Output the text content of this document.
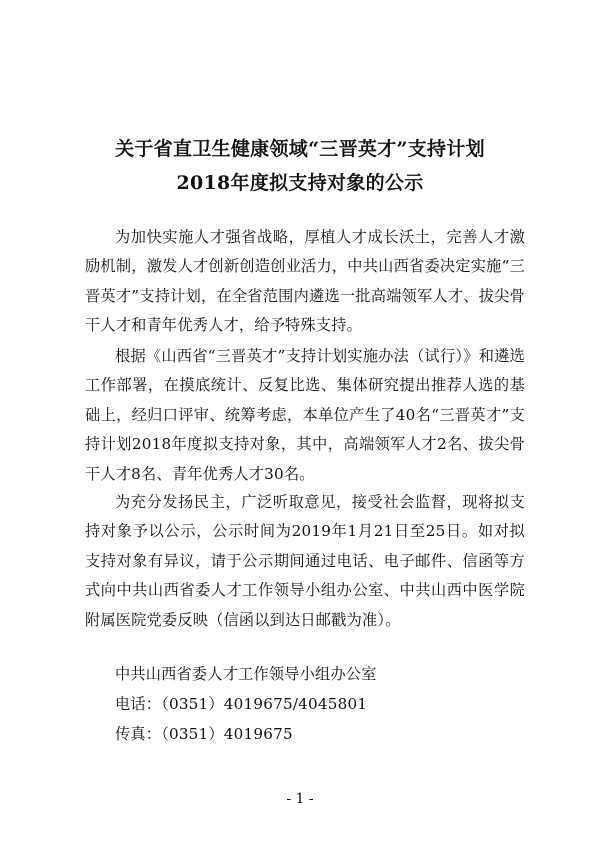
关于省直卫生健康领域“三晋英才”支持计划
2018年度拟支持对象的公示
为加快实施人才强省战略，厚植人才成长沃土，完善人才激励机制，激发人才创新创造创业活力，中共山西省委决定实施“三晋英才”支持计划，在全省范围内遴选一批高端领军人才、拔尖骨干人才和青年优秀人才，给予特殊支持。
根据《山西省“三晋英才”支持计划实施办法（试行）》和遴选工作部署，在摸底统计、反复比选、集体研究提出推荐人选的基础上，经归口评审、统筹考虑，本单位产生了40名“三晋英才”支持计划2018年度拟支持对象，其中，高端领军人才2名、拔尖骨干人才8名、青年优秀人才30名。
为充分发扬民主，广泛听取意见，接受社会监督，现将拟支持对象予以公示，公示时间为2019年1月21日至25日。如对拟支持对象有异议，请于公示期间通过电话、电子邮件、信函等方式向中共山西省委人才工作领导小组办公室、中共山西中医学院附属医院党委反映（信函以到达日邮戳为准）。
中共山西省委人才工作领导小组办公室
电话：（0351）4019675/4045801
传真：（0351）4019675
- 1 -
